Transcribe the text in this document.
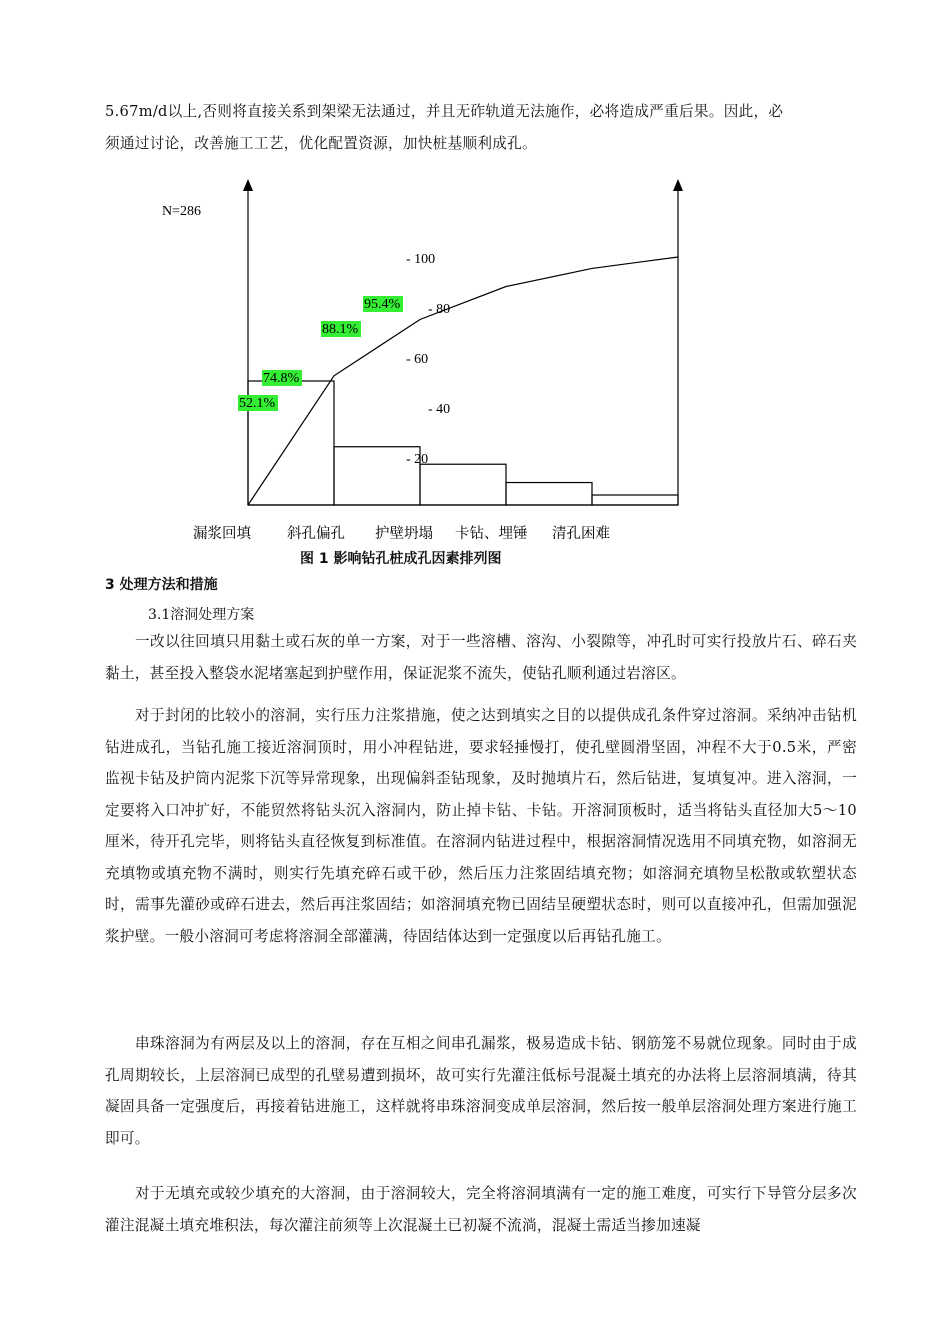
5.67m/d以上,否则将直接关系到架梁无法通过，并且无砟轨道无法施作，必将造成严重后果。因此，必
须通过讨论，改善施工工艺，优化配置资源，加快桩基顺利成孔。
N=286
52.1%
74.8%
88.1%
95.4%
- 100
- 80
- 60
- 40
- 20
漏浆回填 斜孔偏孔 护壁坍塌 卡钻、埋锤 清孔困难
图 1 影响钻孔桩成孔因素排列图
3 处理方法和措施
3.1溶洞处理方案
一改以往回填只用黏土或石灰的单一方案，对于一些溶槽、溶沟、小裂隙等，冲孔时可实行投放片石、碎石夹黏土，甚至投入整袋水泥堵塞起到护壁作用，保证泥浆不流失，使钻孔顺利通过岩溶区。
对于封闭的比较小的溶洞，实行压力注浆措施，使之达到填实之目的以提供成孔条件穿过溶洞。采纳冲击钻机钻进成孔，当钻孔施工接近溶洞顶时，用小冲程钻进，要求轻捶慢打，使孔壁圆滑坚固，冲程不大于0.5米，严密监视卡钻及护筒内泥浆下沉等异常现象，出现偏斜歪钻现象，及时抛填片石，然后钻进，复填复冲。进入溶洞，一定要将入口冲扩好，不能贸然将钻头沉入溶洞内，防止掉卡钻、卡钻。开溶洞顶板时，适当将钻头直径加大5～10厘米，待开孔完毕，则将钻头直径恢复到标准值。在溶洞内钻进过程中，根据溶洞情况选用不同填充物，如溶洞无充填物或填充物不满时，则实行先填充碎石或干砂，然后压力注浆固结填充物；如溶洞充填物呈松散或软塑状态时，需事先灌砂或碎石进去，然后再注浆固结；如溶洞填充物已固结呈硬塑状态时，则可以直接冲孔，但需加强泥浆护壁。一般小溶洞可考虑将溶洞全部灌满，待固结体达到一定强度以后再钻孔施工。
串珠溶洞为有两层及以上的溶洞，存在互相之间串孔漏浆，极易造成卡钻、钢筋笼不易就位现象。同时由于成孔周期较长，上层溶洞已成型的孔壁易遭到损坏，故可实行先灌注低标号混凝土填充的办法将上层溶洞填满，待其凝固具备一定强度后，再接着钻进施工，这样就将串珠溶洞变成单层溶洞，然后按一般单层溶洞处理方案进行施工即可。
对于无填充或较少填充的大溶洞，由于溶洞较大，完全将溶洞填满有一定的施工难度，可实行下导管分层多次灌注混凝土填充堆积法，每次灌注前须等上次混凝土已初凝不流淌，混凝土需适当掺加速凝
